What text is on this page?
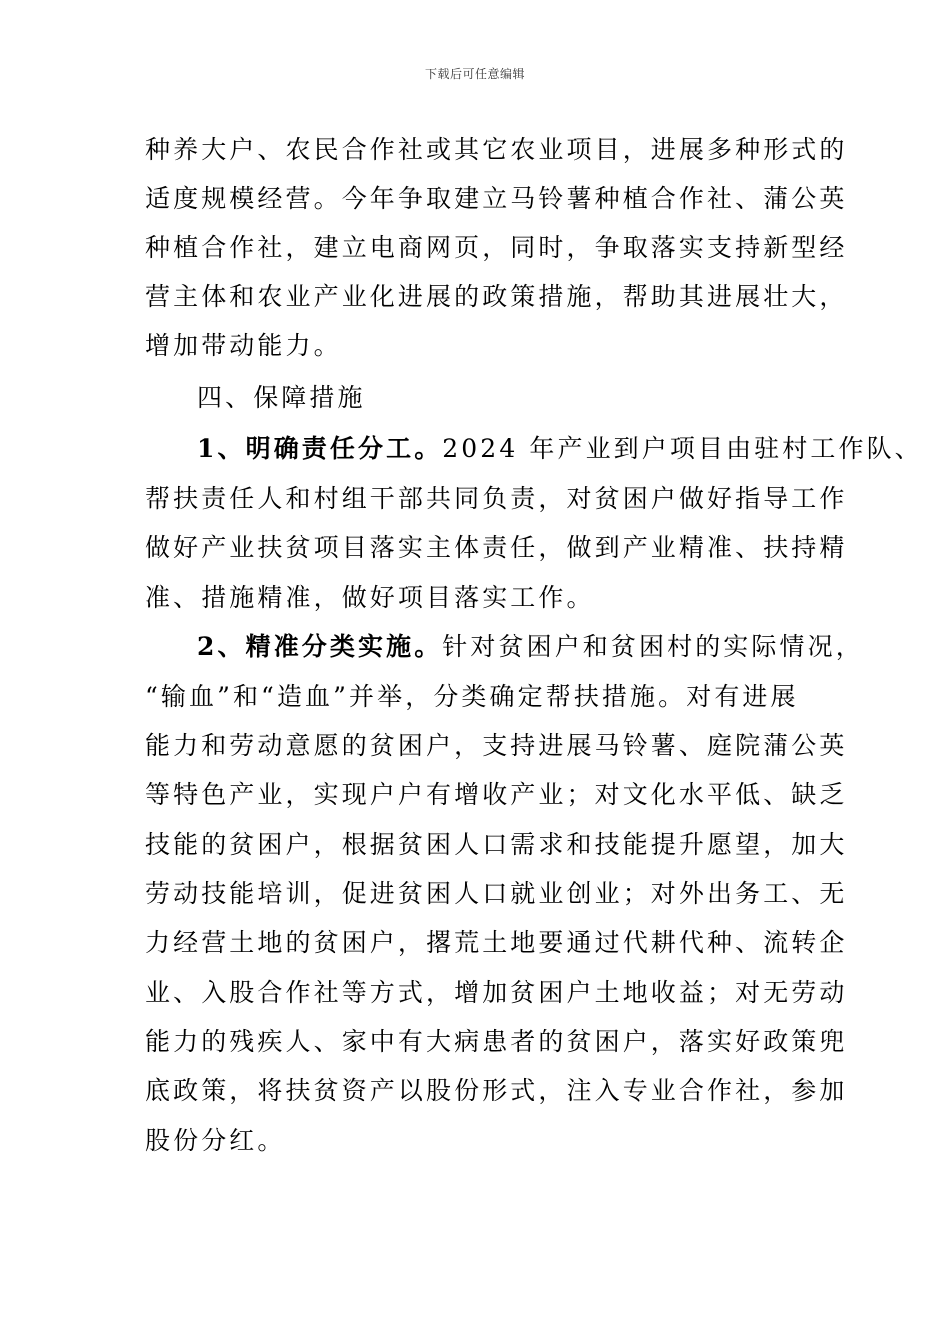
下载后可任意编辑
种养大户、农民合作社或其它农业项目，进展多种形式的
适度规模经营。今年争取建立马铃薯种植合作社、蒲公英
种植合作社，建立电商网页，同时，争取落实支持新型经
营主体和农业产业化进展的政策措施，帮助其进展壮大，
增加带动能力。
四、保障措施
1、明确责任分工。2024 年产业到户项目由驻村工作队、
帮扶责任人和村组干部共同负责，对贫困户做好指导工作
做好产业扶贫项目落实主体责任，做到产业精准、扶持精
准、措施精准，做好项目落实工作。
2、精准分类实施。针对贫困户和贫困村的实际情况，
“输血”和“造血”并举，分类确定帮扶措施。对有进展
能力和劳动意愿的贫困户，支持进展马铃薯、庭院蒲公英
等特色产业，实现户户有增收产业；对文化水平低、缺乏
技能的贫困户，根据贫困人口需求和技能提升愿望，加大
劳动技能培训，促进贫困人口就业创业；对外出务工、无
力经营土地的贫困户，撂荒土地要通过代耕代种、流转企
业、入股合作社等方式，增加贫困户土地收益；对无劳动
能力的残疾人、家中有大病患者的贫困户，落实好政策兜
底政策，将扶贫资产以股份形式，注入专业合作社，参加
股份分红。
